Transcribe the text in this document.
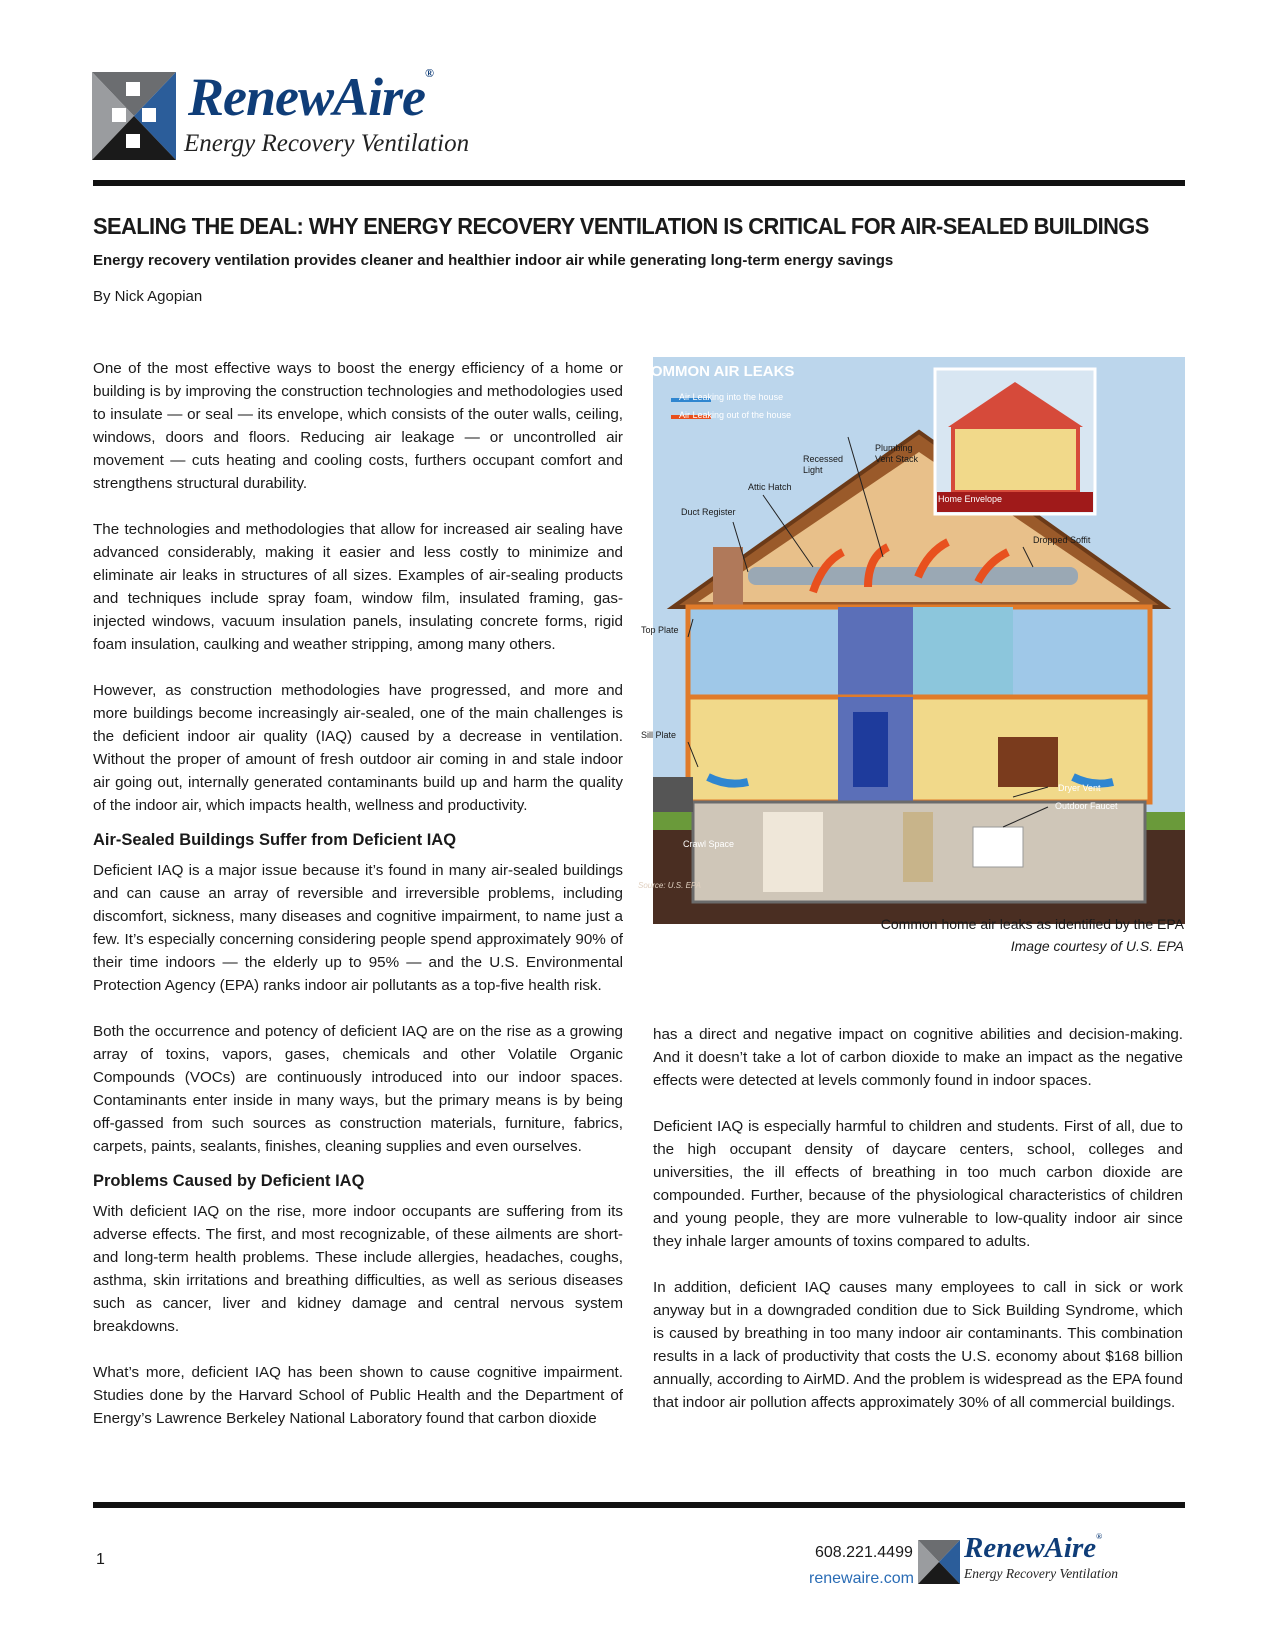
RenewAire®
Energy Recovery Ventilation
SEALING THE DEAL: WHY ENERGY RECOVERY VENTILATION IS CRITICAL FOR AIR-SEALED BUILDINGS
Energy recovery ventilation provides cleaner and healthier indoor air while generating long-term energy savings
By Nick Agopian

One of the most effective ways to boost the energy efficiency of a home or building is by improving the construction technologies and methodologies used to insulate — or seal — its envelope, which consists of the outer walls, ceiling, windows, doors and floors. Reducing air leakage — or uncontrolled air movement — cuts heating and cooling costs, furthers occupant comfort and strengthens structural durability.

The technologies and methodologies that allow for increased air sealing have advanced considerably, making it easier and less costly to minimize and eliminate air leaks in structures of all sizes. Examples of air-sealing products and techniques include spray foam, window film, insulated framing, gas-injected windows, vacuum insulation panels, insulating concrete forms, rigid foam insulation, caulking and weather stripping, among many others.

However, as construction methodologies have progressed, and more and more buildings become increasingly air-sealed, one of the main challenges is the deficient indoor air quality (IAQ) caused by a decrease in ventilation. Without the proper of amount of fresh outdoor air coming in and stale indoor air going out, internally generated contaminants build up and harm the quality of the indoor air, which impacts health, wellness and productivity.

Air-Sealed Buildings Suffer from Deficient IAQ

Deficient IAQ is a major issue because it’s found in many air-sealed buildings and can cause an array of reversible and irreversible problems, including discomfort, sickness, many diseases and cognitive impairment, to name just a few. It’s especially concerning considering people spend approximately 90% of their time indoors — the elderly up to 95% — and the U.S. Environmental Protection Agency (EPA) ranks indoor air pollutants as a top-five health risk.

Both the occurrence and potency of deficient IAQ are on the rise as a growing array of toxins, vapors, gases, chemicals and other Volatile Organic Compounds (VOCs) are continuously introduced into our indoor spaces. Contaminants enter inside in many ways, but the primary means is by being off-gassed from such sources as construction materials, furniture, fabrics, carpets, paints, sealants, finishes, cleaning supplies and even ourselves.

Problems Caused by Deficient IAQ

With deficient IAQ on the rise, more indoor occupants are suffering from its adverse effects. The first, and most recognizable, of these ailments are short- and long-term health problems. These include allergies, headaches, coughs, asthma, skin irritations and breathing difficulties, as well as serious diseases such as cancer, liver and kidney damage and central nervous system breakdowns.

What’s more, deficient IAQ has been shown to cause cognitive impairment. Studies done by the Harvard School of Public Health and the Department of Energy’s Lawrence Berkeley National Laboratory found that carbon dioxide

COMMON AIR LEAKS
Air Leaking into the house
Air Leaking out of the house
Plumbing Vent Stack
Recessed Light
Attic Hatch
Duct Register
Dropped Soffit
Top Plate
Sill Plate
Dryer Vent
Outdoor Faucet
Crawl Space
Home Envelope
Source: U.S. EPA
Common home air leaks as identified by the EPA
Image courtesy of U.S. EPA

has a direct and negative impact on cognitive abilities and decision-making. And it doesn’t take a lot of carbon dioxide to make an impact as the negative effects were detected at levels commonly found in indoor spaces.

Deficient IAQ is especially harmful to children and students. First of all, due to the high occupant density of daycare centers, school, colleges and universities, the ill effects of breathing in too much carbon dioxide are compounded. Further, because of the physiological characteristics of children and young people, they are more vulnerable to low-quality indoor air since they inhale larger amounts of toxins compared to adults.

In addition, deficient IAQ causes many employees to call in sick or work anyway but in a downgraded condition due to Sick Building Syndrome, which is caused by breathing in too many indoor air contaminants. This combination results in a lack of productivity that costs the U.S. economy about $168 billion annually, according to AirMD. And the problem is widespread as the EPA found that indoor air pollution affects approximately 30% of all commercial buildings.

1	608.221.4499
renewaire.com
RenewAire®
Energy Recovery Ventilation
